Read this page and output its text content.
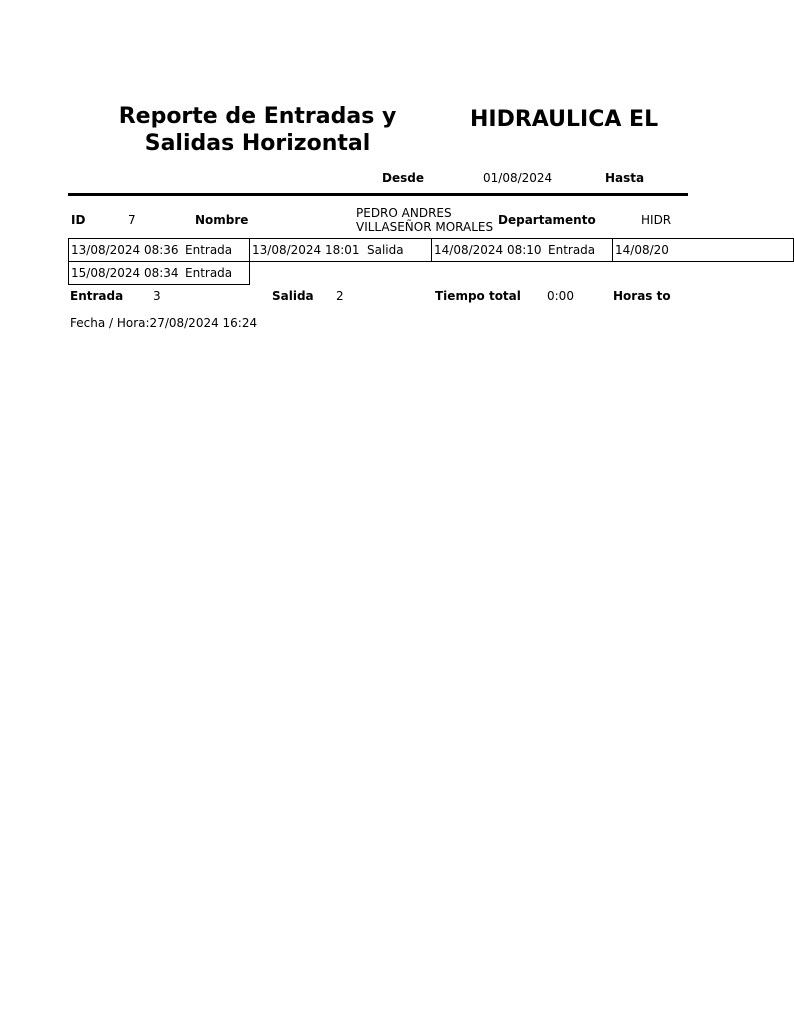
Reporte de Entradas y Salidas Horizontal
HIDRAULICA EL
Desde	01/08/2024	Hasta
ID	7	Nombre	PEDRO ANDRES
VILLASEÑOR MORALES Departamento	HIDR
13/08/2024 08:36 Entrada 13/08/2024 18:01 Salida	14/08/2024 08:10 Entrada 14/08/20
15/08/2024 08:34 Entrada
Entrada 3	Salida 2	Tiempo total 0:00	Horas to
Fecha / Hora:27/08/2024 16:24
